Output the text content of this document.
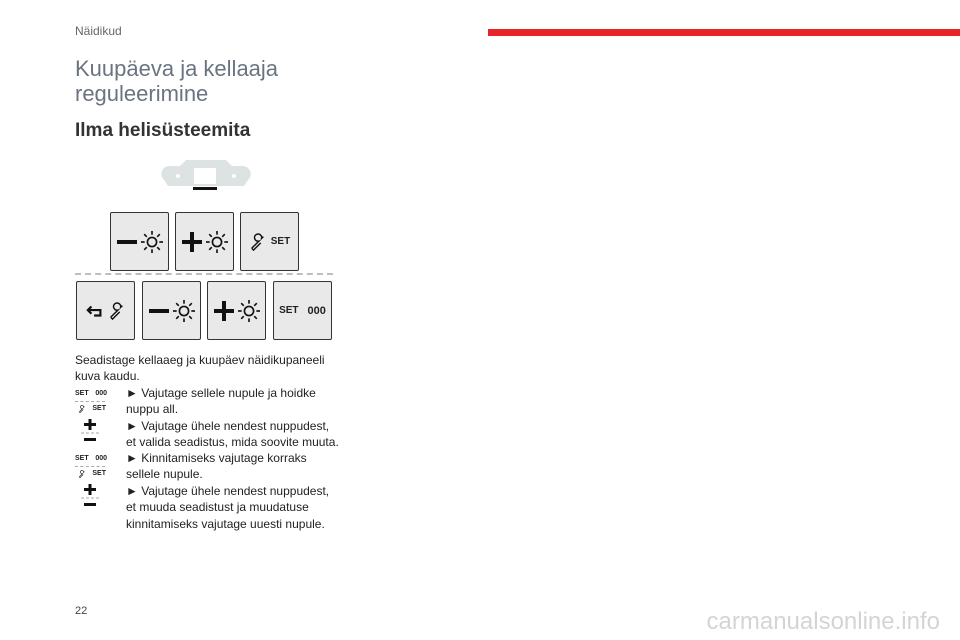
Näidikud
Kuupäeva ja kellaaja reguleerimine
Ilma helisüsteemita
SET
SET 000
Seadistage kellaaeg ja kuupäev näidikupaneeli kuva kaudu.
SET 000
SET
► Vajutage sellele nupule ja hoidke nuppu all.
► Vajutage ühele nendest nuppudest, et valida seadistus, mida soovite muuta.
SET 000
SET
► Kinnitamiseks vajutage korraks sellele nupule.
► Vajutage ühele nendest nuppudest, et muuda seadistust ja muudatuse kinnitamiseks vajutage uuesti nupule.
22	carmanualsonline.info
